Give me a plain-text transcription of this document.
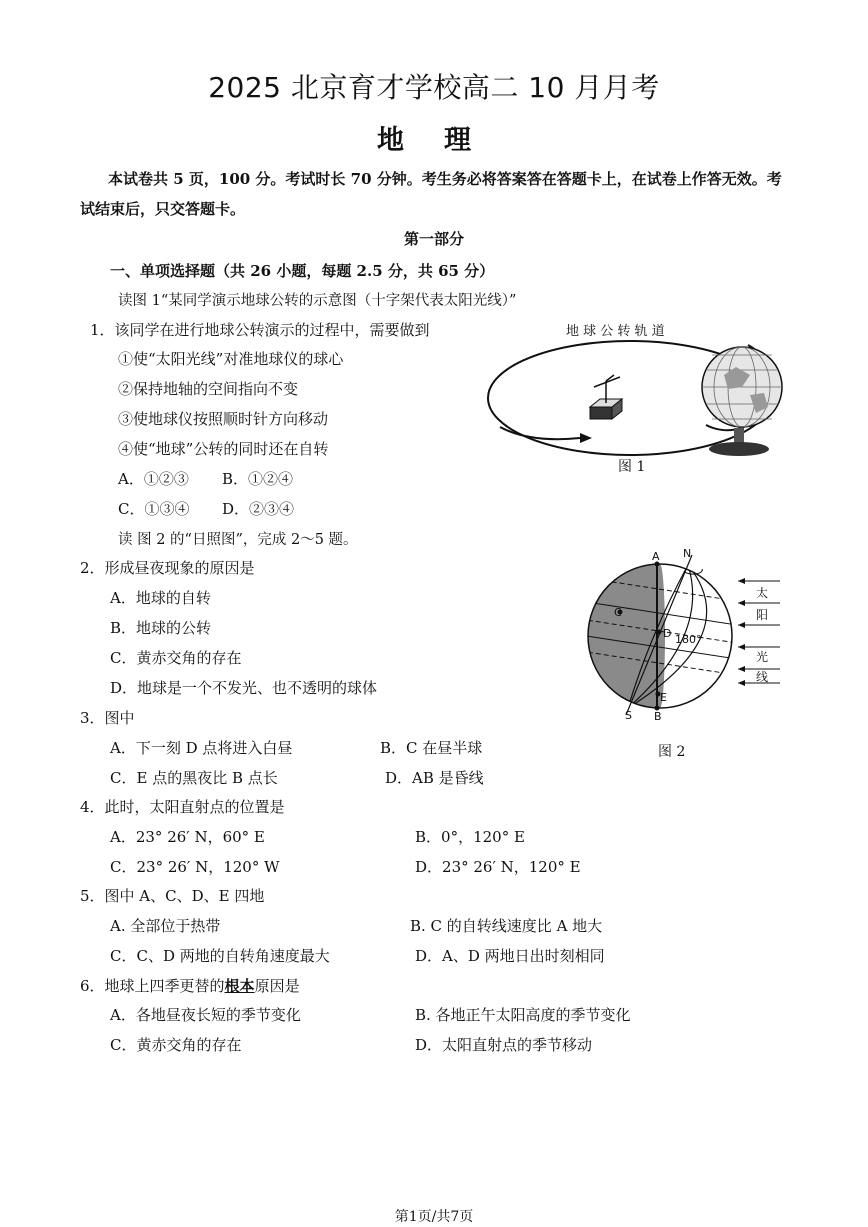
2025 北京育才学校高二 10 月月考
地理
本试卷共 5 页，100 分。考试时长 70 分钟。考生务必将答案答在答题卡上，在试卷上作答无效。考试结束后，只交答题卡。
第一部分
一、单项选择题（共 26 小题，每题 2.5 分，共 65 分）
读图 1“某同学演示地球公转的示意图（十字架代表太阳光线）”
1．该同学在进行地球公转演示的过程中，需要做到
①使“太阳光线”对准地球仪的球心
②保持地轴的空间指向不变
③使地球仪按照顺时针方向移动
④使“地球”公转的同时还在自转
A．①②③ B．①②④
C．①③④ D．②③④
读 图 2 的“日照图”，完成 2～5 题。
地 球 公 转 轨 道
图 1
2．形成昼夜现象的原因是
A．地球的自转
B．地球的公转
C．黄赤交角的存在
D．地球是一个不发光、也不透明的球体
A N
C
D 180°
E
S B
太
阳
光
线
图 2
3．图中
A．下一刻 D 点将进入白昼	B．C 在昼半球
C．E 点的黑夜比 B 点长	D．AB 是昏线
4．此时，太阳直射点的位置是
A．23° 26′ N，60° E	B．0°，120° E
C．23° 26′ N，120° W	D．23° 26′ N，120° E
5．图中 A、C、D、E 四地
A. 全部位于热带	B. C 的自转线速度比 A 地大
C．C、D 两地的自转角速度最大	D．A、D 两地日出时刻相同
6．地球上四季更替的根本原因是
A．各地昼夜长短的季节变化	B. 各地正午太阳高度的季节变化
C．黄赤交角的存在	D．太阳直射点的季节移动
第1页/共7页
